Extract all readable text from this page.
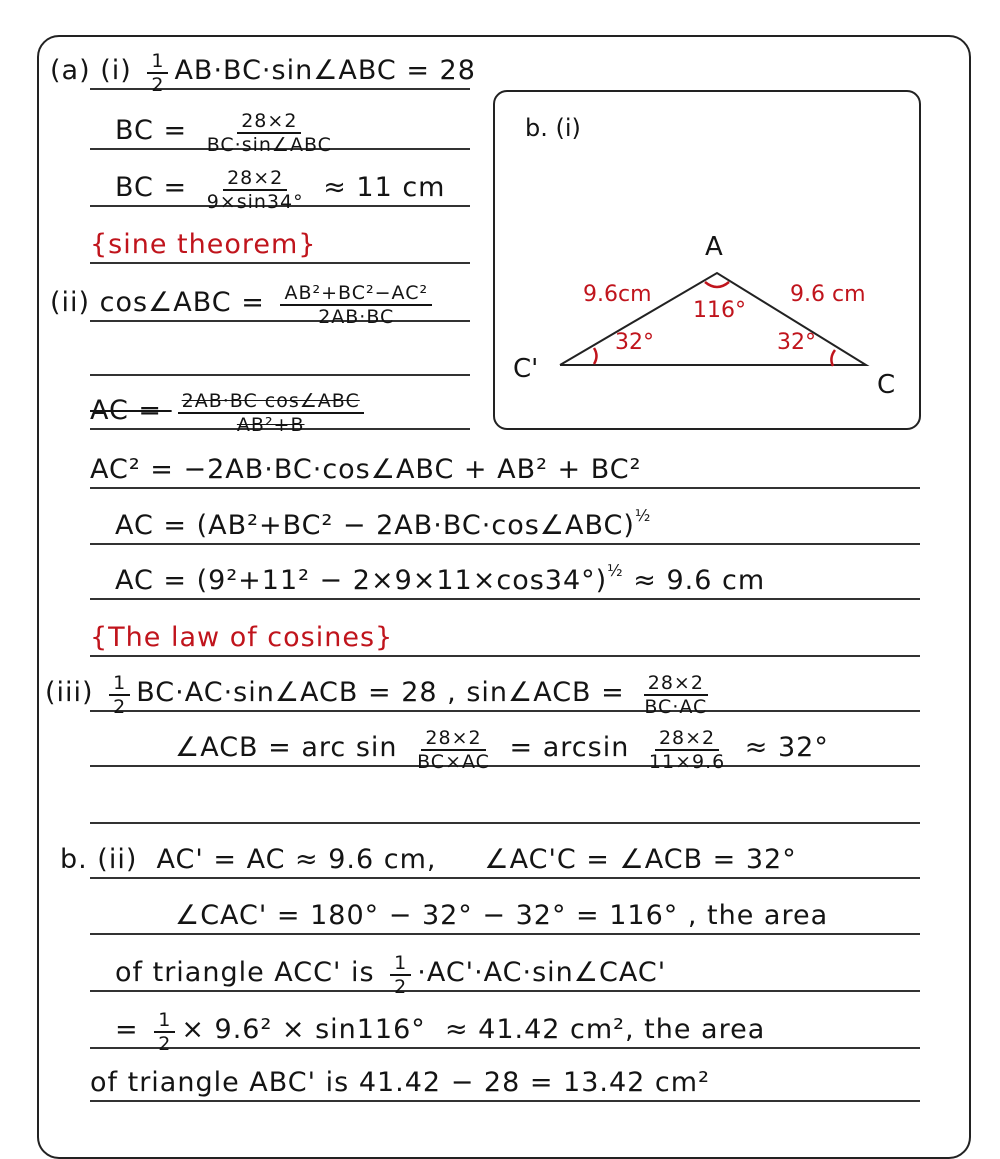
(a) $(i) \frac{1}{2}$ AB·BC·sin∠ABC = 28
BC = $\frac{28\times 2}{\text{BC·sin∠ABC}}$
BC = $\frac{28\times 2}{9\times\sin 34^\circ} \approx 11$ cm
{sine theorem}
(ii) cos∠ABC = $\frac{\text{AB²+BC²−AC²}}{2AB\cdot BC}$
AC = $\frac{\text{2AB·BC cos∠ABC}}{\text{AB²+B}}$
AC² = −2AB·BC·cos∠ABC + AB² + BC²
AC = (AB²+BC² − 2AB·BC·cos∠ABC) ½
AC = (9²+11² − 2×9×11×cos34°) ½ ≈ 9.6 cm
{The law of cosines}
$(iii) \frac{1}{2}$ BC·AC·sin∠ACB = 28 , sin∠ACB = $\frac{28\times 2}{BC\cdot AC}$
∠ACB = arc $\sin \frac{28\times 2}{BC\times AC} = \arcsin \frac{28\times 2}{11\times 9.6} \approx 32^\circ$
b. (ii)  AC' = AC ≈ 9.6 cm,     ∠AC'C = ∠ACB = 32°
∠CAC' = 180° − 32° − 32° = 116° , the area
of triangle ACC' is $\frac{1}{2}$ ·AC'·AC·sin∠CAC'
= $\frac{1}{2} \times 9.6^2 \times \sin 116^\circ \approx 41.42$ cm², the area
of triangle ABC' is 41.42 − 28 = 13.42 cm²
b. (i)
A
C'
C
9.6cm	9.6 cm
116°
32°	32°
